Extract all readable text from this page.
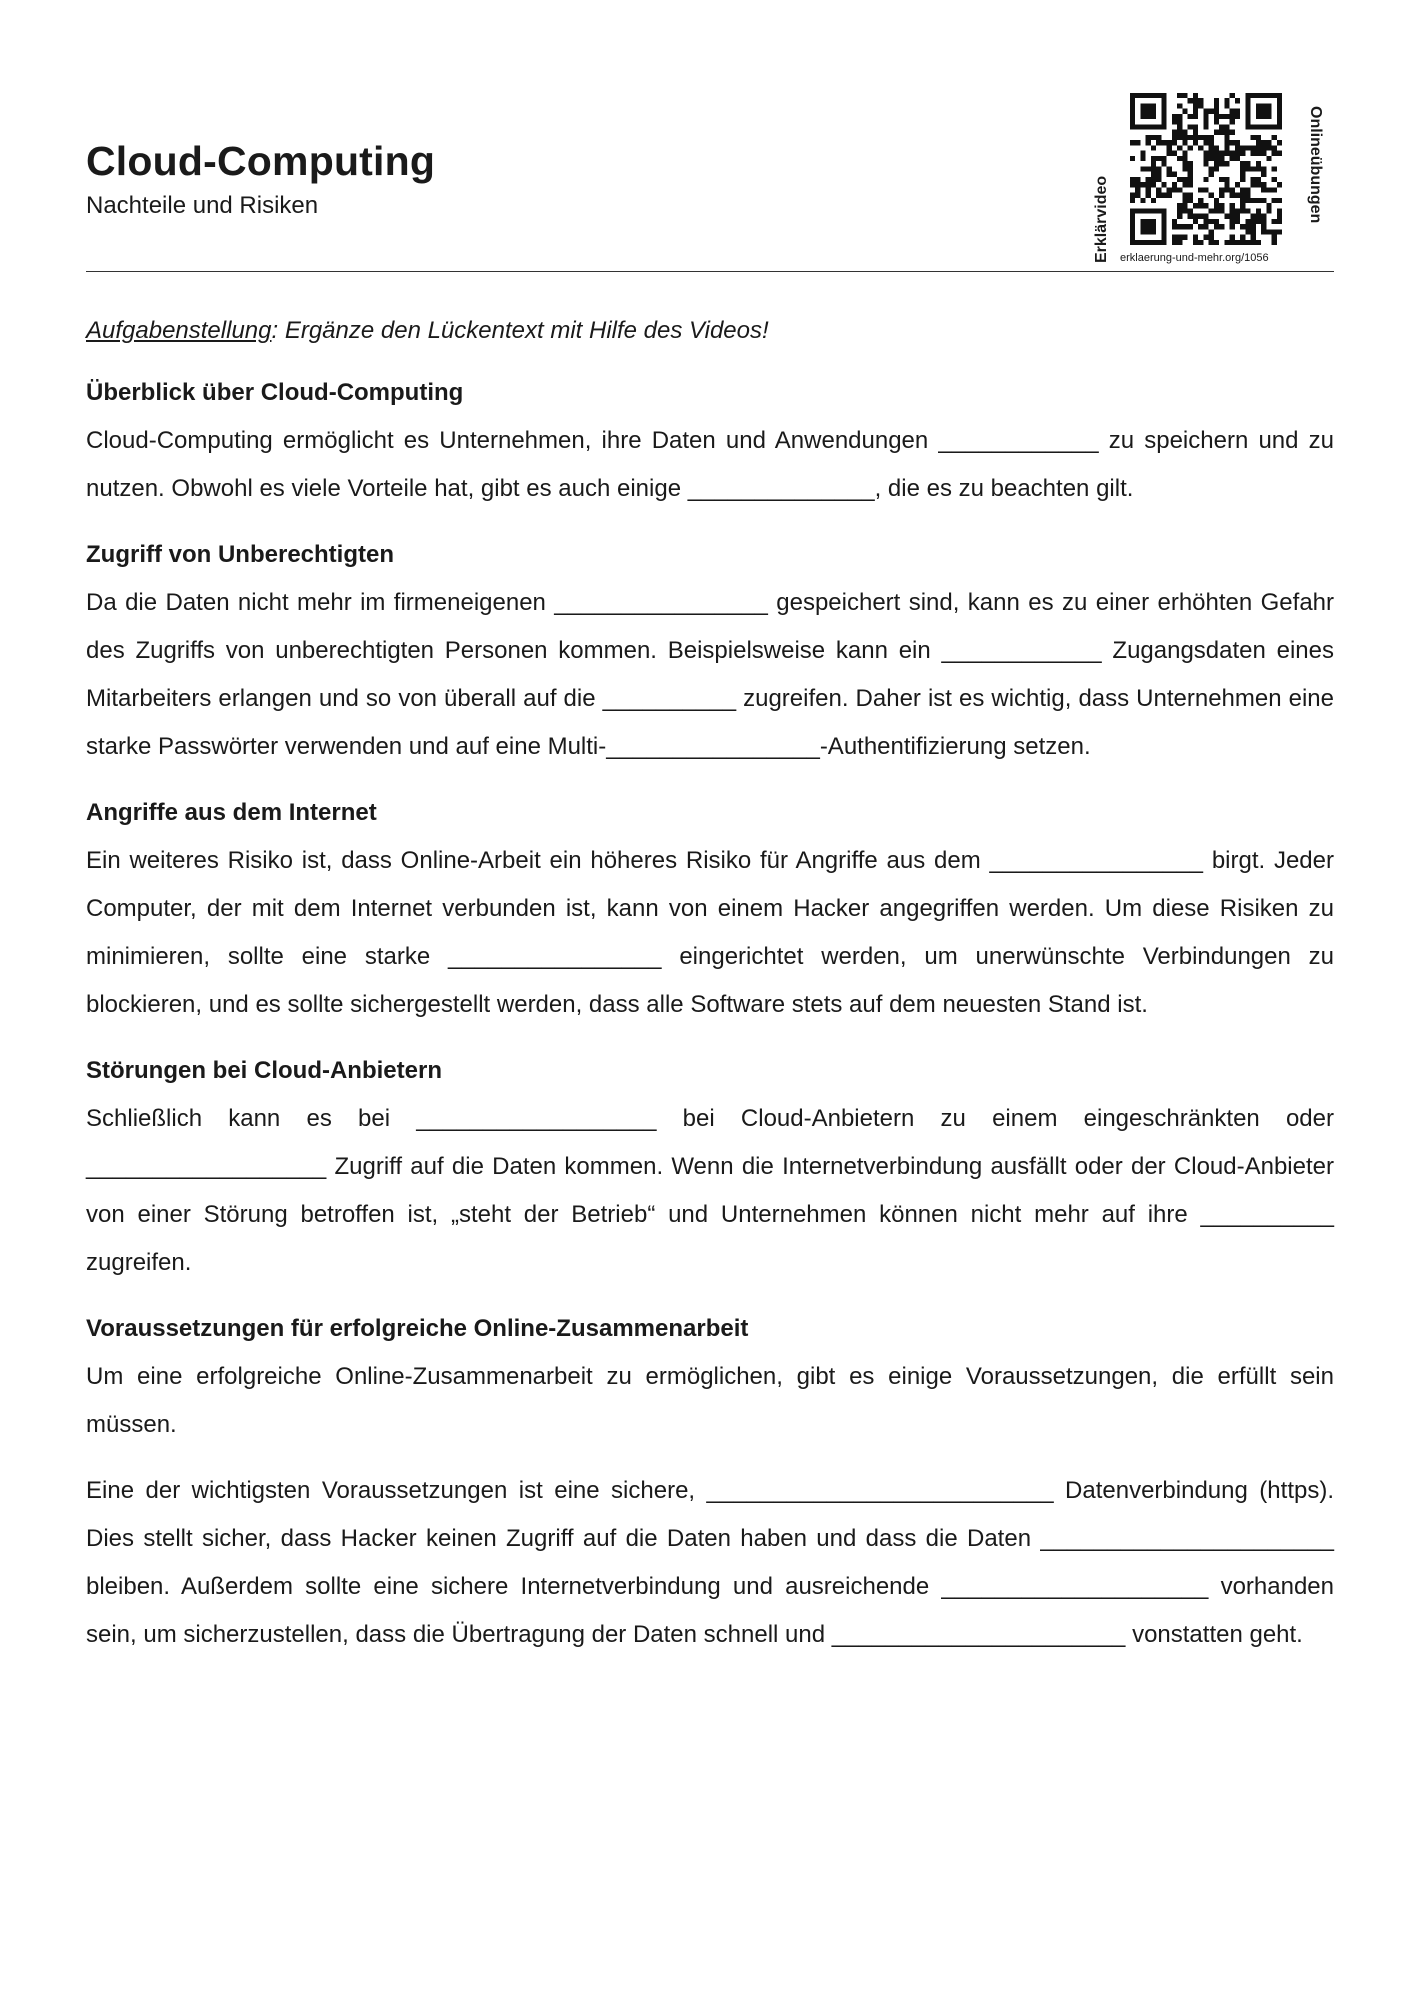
Cloud-Computing
Nachteile und Risiken	Erklärvideo	Onlineübungen
erklaerung-und-mehr.org/1056

Aufgabenstellung: Ergänze den Lückentext mit Hilfe des Videos!

Überblick über Cloud-Computing

Cloud-Computing ermöglicht es Unternehmen, ihre Daten und Anwendungen ____________ zu speichern und zu nutzen. Obwohl es viele Vorteile hat, gibt es auch einige ______________, die es zu beachten gilt.

Zugriff von Unberechtigten

Da die Daten nicht mehr im firmeneigenen ________________ gespeichert sind, kann es zu einer erhöhten Gefahr des Zugriffs von unberechtigten Personen kommen. Beispielsweise kann ein ____________ Zugangsdaten eines Mitarbeiters erlangen und so von überall auf die __________ zugreifen. Daher ist es wichtig, dass Unternehmen eine starke Passwörter verwenden und auf eine Multi-________________-Authentifizierung setzen.

Angriffe aus dem Internet

Ein weiteres Risiko ist, dass Online-Arbeit ein höheres Risiko für Angriffe aus dem ________________ birgt. Jeder Computer, der mit dem Internet verbunden ist, kann von einem Hacker angegriffen werden. Um diese Risiken zu minimieren, sollte eine starke ________________ eingerichtet werden, um unerwünschte Verbindungen zu blockieren, und es sollte sichergestellt werden, dass alle Software stets auf dem neuesten Stand ist.

Störungen bei Cloud-Anbietern

Schließlich kann es bei __________________ bei Cloud-Anbietern zu einem eingeschränkten oder __________________ Zugriff auf die Daten kommen. Wenn die Internetverbindung ausfällt oder der Cloud-Anbieter von einer Störung betroffen ist, „steht der Betrieb“ und Unternehmen können nicht mehr auf ihre __________ zugreifen.

Voraussetzungen für erfolgreiche Online-Zusammenarbeit

Um eine erfolgreiche Online-Zusammenarbeit zu ermöglichen, gibt es einige Voraussetzungen, die erfüllt sein müssen.

Eine der wichtigsten Voraussetzungen ist eine sichere, __________________________ Datenverbindung (https). Dies stellt sicher, dass Hacker keinen Zugriff auf die Daten haben und dass die Daten ______________________ bleiben. Außerdem sollte eine sichere Internetverbindung und ausreichende ____________________ vorhanden sein, um sicherzustellen, dass die Übertragung der Daten schnell und ______________________ vonstatten geht.
